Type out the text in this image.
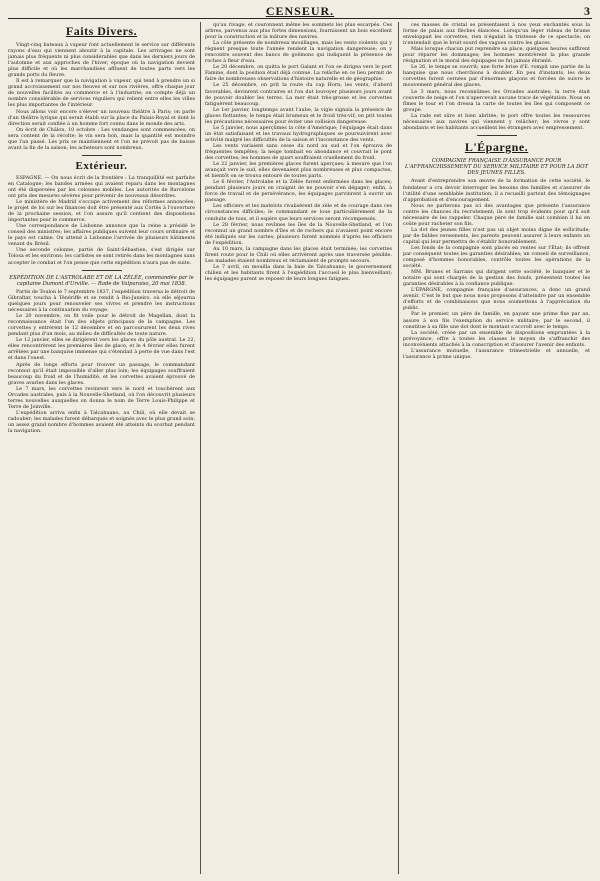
CENSEUR.	3
Faits Divers.

Vingt-cinq bateaux à vapeur font actuellement le service sur différents rayons d'eau qui viennent aboutir à la capitale. Les arrivages ne sont jamais plus fréquents ni plus considérables que dans les derniers jours de l'automne et aux approches de l'hiver, époque où la navigation devient plus difficile et où les marchandises affluent de toutes parts vers les grands ports du fleuve.

Il est à remarquer que la navigation à vapeur, qui tend à prendre un si grand accroissement sur nos fleuves et sur nos rivières, offre chaque jour de nouvelles facilités au commerce et à l'industrie; on compte déjà un nombre considérable de services réguliers qui relient entre elles les villes les plus importantes de l'intérieur.

Nous allons voir encore s'élever un nouveau théâtre à Paris; on parle d'un théâtre lyrique qui serait établi sur la place du Palais-Royal et dont la direction serait confiée à un homme fort connu dans le monde des arts.

On écrit de Châlon, 10 octobre : Les vendanges sont commencées; on sera content de la récolte; le vin sera bon, mais la quantité est moindre que l'an passé. Les prix se maintiennent et l'on ne prévoit pas de baisse avant la fin de la saison; les acheteurs sont nombreux.

Extérieur.

ESPAGNE. — On nous écrit de la frontière : La tranquillité est parfaite en Catalogne; les bandes armées qui avaient reparu dans les montagnes ont été dispersées par les colonnes mobiles. Les autorités de Barcelone ont pris des mesures sévères pour prévenir de nouveaux désordres.

Le ministère de Madrid s'occupe activement des réformes annoncées; le projet de loi sur les finances doit être présenté aux Cortès à l'ouverture de la prochaine session, et l'on assure qu'il contient des dispositions importantes pour le commerce.

Une correspondance de Lisbonne annonce que la reine a présidé le conseil des ministres; les affaires publiques suivent leur cours ordinaire et le pays est calme. On attend à Lisbonne l'arrivée de plusieurs bâtiments venant du Brésil.

Une seconde colonne, partie de Saint-Sébastien, s'est dirigée sur Tolosa et les environs; les carlistes se sont retirés dans les montagnes sans accepter le combat et l'on pense que cette expédition n'aura pas de suite.

EXPÉDITION DE L'ASTROLABE ET DE LA ZÉLÉE, commandée par le capitaine Dumont d'Urville. — Rade de Valparaiso, 20 mai 1838.

Partis de Toulon le 7 septembre 1837, l'expédition traversa le détroit de Gibraltar, toucha à Ténériffe et se rendit à Rio-Janeiro, où elle séjourna quelques jours pour renouveler ses vivres et prendre les instructions nécessaires à la continuation du voyage.

Le 20 novembre, on fit voile pour le détroit de Magellan, dont la reconnaissance était l'un des objets principaux de la campagne. Les corvettes y entrèrent le 12 décembre et en parcoururent les deux rives pendant plus d'un mois, au milieu de difficultés de toute nature.

Le 12 janvier, elles se dirigèrent vers les glaces du pôle austral. Le 22, elles rencontrèrent les premières îles de glace, et le 4 février elles furent arrêtées par une banquise immense qui s'étendait à perte de vue dans l'est et dans l'ouest.

Après de longs efforts pour trouver un passage, le commandant reconnut qu'il était impossible d'aller plus loin; les équipages souffraient beaucoup du froid et de l'humidité, et les corvettes avaient éprouvé de graves avaries dans les glaces.

Le 7 mars, les corvettes revinrent vers le nord et touchèrent aux Orcades australes, puis à la Nouvelle-Shetland, où l'on découvrit plusieurs terres nouvelles auxquelles on donna le nom de Terre Louis-Philippe et Terre de Joinville.

L'expédition arriva enfin à Talcahuano, au Chili, où elle devait se radouber; les malades furent débarqués et soignés avec le plus grand soin; un assez grand nombre d'hommes avaient été atteints du scorbut pendant la navigation.

qu'au rivage, et couronnent même les sommets les plus escarpés. Ces arbres, parvenus aux plus fortes dimensions, fournissent un bois excellent pour la construction et la mâture des navires.

La côte présente de nombreux mouillages, mais les vents violents qui y règnent presque toute l'année rendent la navigation dangereuse; on y rencontre souvent des bancs de goëmons qui indiquent la présence de roches à fleur d'eau.

Le 20 décembre, on quitta le port Galant et l'on se dirigea vers le port Famine, dont la position était déjà connue. La relâche en ce lieu permit de faire de nombreuses observations d'histoire naturelle et de géographie.

Le 25 décembre, on prit la route du cap Horn; les vents, d'abord favorables, devinrent contraires et l'on dut louvoyer plusieurs jours avant de pouvoir doubler les terres. La mer était très-grosse et les corvettes fatiguèrent beaucoup.

Le 1er janvier, longtemps avant l'aube, la vigie signala la présence de glaces flottantes; le temps était brumeux et le froid très-vif; on prit toutes les précautions nécessaires pour éviter une collision dangereuse.

Le 5 janvier, nous aperçûmes la côte d'Amérique; l'équipage était dans un état satisfaisant et les travaux hydrographiques se poursuivirent avec activité malgré les difficultés de la saison et l'inconstance des vents.

Les vents variaient sans cesse du nord au sud et l'on éprouva de fréquentes tempêtes; la neige tombait en abondance et couvrait le pont des corvettes; les hommes de quart souffraient cruellement du froid.

Le 22 janvier, les premières glaces furent aperçues; à mesure que l'on avançait vers le sud, elles devenaient plus nombreuses et plus compactes, et bientôt on se trouva entouré de toutes parts.

Le 6 février, l'Astrolabe et la Zélée furent enfermées dans les glaces; pendant plusieurs jours on craignit de ne pouvoir s'en dégager; enfin, à force de travail et de persévérance, les équipages parvinrent à ouvrir un passage.

Les officiers et les matelots rivalisèrent de zèle et de courage dans ces circonstances difficiles; le commandant se loue particulièrement de la conduite de tous, et il espère que leurs services seront récompensés.

Le 28 février, nous revîmes les îles de la Nouvelle-Shetland, et l'on reconnut un grand nombre d'îles et de rochers qui n'avaient point encore été indiqués sur les cartes; plusieurs furent nommés d'après les officiers de l'expédition.

Au 10 mars, la campagne dans les glaces était terminée; les corvettes firent route pour le Chili où elles arrivèrent après une traversée pénible. Les malades étaient nombreux et réclamaient de prompts secours.

Le 7 avril, on mouilla dans la baie de Talcahuano; le gouvernement chilien et les habitants firent à l'expédition l'accueil le plus bienveillant; les équipages purent se reposer de leurs longues fatigues.

ces masses de cristal se présentaient à nos yeux enchantés sous la forme de palais aux flèches élancées. Lorsqu'un léger rideau de brume enveloppait les corvettes, rien n'égalait la tristesse de ce spectacle; on n'entendait que le bruit sourd des vagues contre les glaces.

Mais lorsque chacun put reprendre sa place, quelques heures suffirent pour réparer les dommages; les hommes montrèrent la plus grande résignation et le moral des équipages ne fut jamais ébranlé.

Le 26, le temps se couvrit; une forte brise d'E. rompit une partie de la banquise que nous cherchions à doubler. En peu d'instants, les deux corvettes furent cernées par d'énormes glaçons et forcées de suivre le mouvement général des glaces.

Le 3 mars, nous reconnûmes les Orcades australes; la terre était couverte de neige et l'on n'apercevait aucune trace de végétation. Nous en fîmes le tour et l'on dressa la carte de toutes les îles qui composent ce groupe.

La rade est sûre et bien abritée; le port offre toutes les ressources nécessaires aux navires qui viennent y relâcher; les vivres y sont abondants et les habitants accueillent les étrangers avec empressement.

L'Épargne.
COMPAGNIE FRANÇAISE D'ASSURANCE POUR L'AFFRANCHISSEMENT DU SERVICE MILITAIRE ET POUR LA DOT DES JEUNES FILLES.

Avant d'entreprendre son œuvre de la formation de cette société, le fondateur a cru devoir interroger les besoins des familles et s'assurer de l'utilité d'une semblable institution; il a recueilli partout des témoignages d'approbation et d'encouragement.

Nous ne parlerons pas ici des avantages que présente l'assurance contre les chances du recrutement; ils sont trop évidents pour qu'il soit nécessaire de les rappeler. Chaque père de famille sait combien il lui en coûte pour racheter son fils.

La dot des jeunes filles n'est pas un objet moins digne de sollicitude; par de faibles versements, les parents peuvent assurer à leurs enfants un capital qui leur permettra de s'établir honorablement.

Les fonds de la compagnie sont placés en rentes sur l'État; ils offrent par conséquent toutes les garanties désirables; un conseil de surveillance, composé d'hommes honorables, contrôle toutes les opérations de la société.

MM. Brunes et Sarrans qui dirigent cette société, le banquier et le notaire qui sont chargés de la gestion des fonds, présentent toutes les garanties désirables à la confiance publique.

L'ÉPARGNE, compagnie française d'assurances, a donc un grand avenir. C'est le but que nous nous proposons d'atteindre par un ensemble d'efforts et de combinaisons que nous soumettons à l'appréciation du public.

Par le premier, un père de famille, en payant une prime fixe par an, assure à son fils l'exemption du service militaire; par le second, il constitue à sa fille une dot dont le montant s'accroît avec le temps.

La société, créée par un ensemble de dispositions empruntées à la prévoyance, offre à toutes les classes le moyen de s'affranchir des inconvénients attachés à la conscription et d'assurer l'avenir des enfants.

L'assurance mutuelle, l'assurance trimestrielle et annuelle, et l'assurance à prime unique.
